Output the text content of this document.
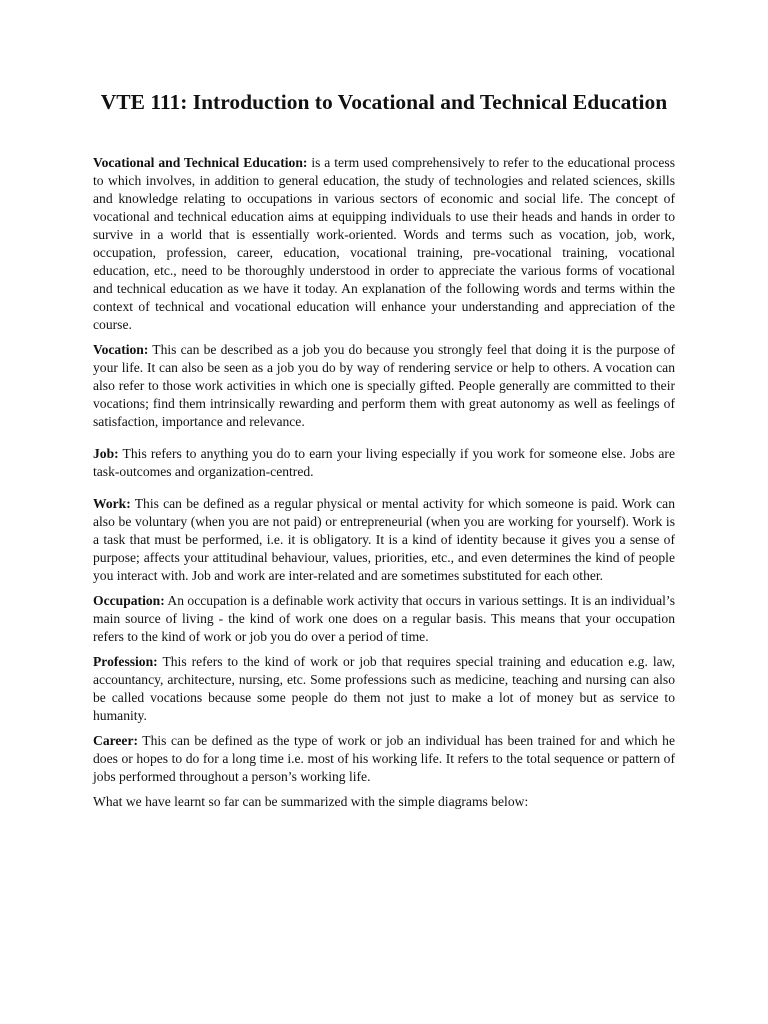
VTE 111: Introduction to Vocational and Technical Education

Vocational and Technical Education: is a term used comprehensively to refer to the educational process to which involves, in addition to general education, the study of technologies and related sciences, skills and knowledge relating to occupations in various sectors of economic and social life. The concept of vocational and technical education aims at equipping individuals to use their heads and hands in order to survive in a world that is essentially work-oriented. Words and terms such as vocation, job, work, occupation, profession, career, education, vocational training, pre-vocational training, vocational education, etc., need to be thoroughly understood in order to appreciate the various forms of vocational and technical education as we have it today. An explanation of the following words and terms within the context of technical and vocational education will enhance your understanding and appreciation of the course.

Vocation: This can be described as a job you do because you strongly feel that doing it is the purpose of your life. It can also be seen as a job you do by way of rendering service or help to others. A vocation can also refer to those work activities in which one is specially gifted. People generally are committed to their vocations; find them intrinsically rewarding and perform them with great autonomy as well as feelings of satisfaction, importance and relevance.

Job: This refers to anything you do to earn your living especially if you work for someone else. Jobs are task-outcomes and organization-centred.

Work: This can be defined as a regular physical or mental activity for which someone is paid. Work can also be voluntary (when you are not paid) or entrepreneurial (when you are working for yourself). Work is a task that must be performed, i.e. it is obligatory. It is a kind of identity because it gives you a sense of purpose; affects your attitudinal behaviour, values, priorities, etc., and even determines the kind of people you interact with. Job and work are inter-related and are sometimes substituted for each other.

Occupation: An occupation is a definable work activity that occurs in various settings. It is an individual’s main source of living - the kind of work one does on a regular basis. This means that your occupation refers to the kind of work or job you do over a period of time.

Profession: This refers to the kind of work or job that requires special training and education e.g. law, accountancy, architecture, nursing, etc. Some professions such as medicine, teaching and nursing can also be called vocations because some people do them not just to make a lot of money but as service to humanity.

Career: This can be defined as the type of work or job an individual has been trained for and which he does or hopes to do for a long time i.e. most of his working life. It refers to the total sequence or pattern of jobs performed throughout a person’s working life.

What we have learnt so far can be summarized with the simple diagrams below:
